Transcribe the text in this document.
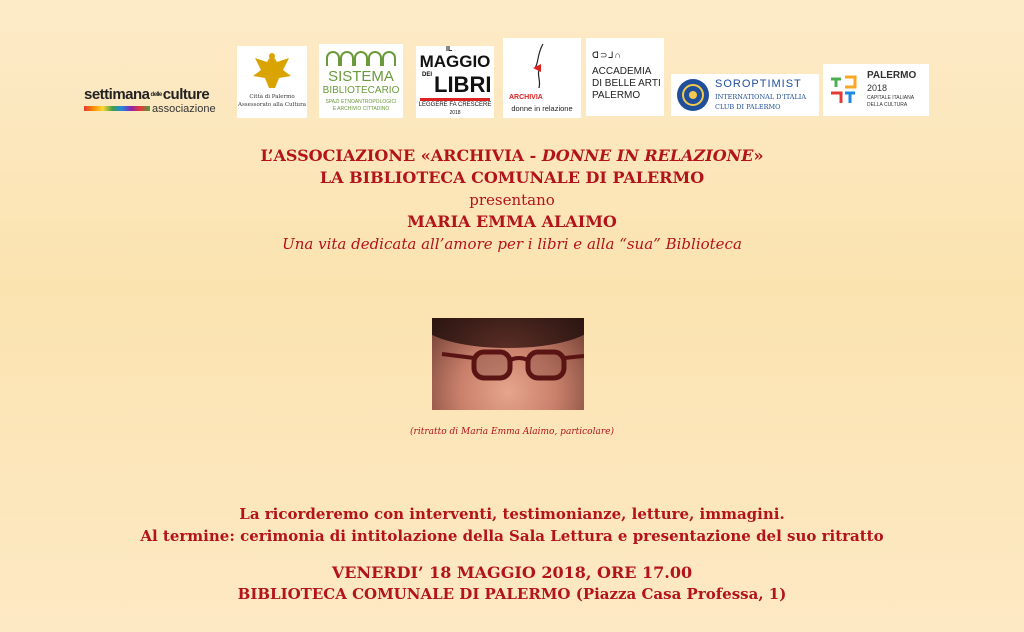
settimanadelleculture
associazione
Città di Palermo
Assessorato alla Cultura
SISTEMA
BIBLIOTECARIO
SPAZI ETNOANTROPOLOGICI
E ARCHIVIO CITTADINO
IL
MAGGIO
DEI LIBRI
LEGGERE FA CRESCERE
2018
ARCHIVIA
donne in relazione
ᗡ⊃⅃∩
ACCADEMIA
DI BELLE ARTI
PALERMO
SOROPTIMIST
INTERNATIONAL D'ITALIA
CLUB DI PALERMO
PALERMO
2018
CAPITALE ITALIANA
DELLA CULTURA
L’ASSOCIAZIONE «ARCHIVIA - DONNE IN RELAZIONE»
LA BIBLIOTECA COMUNALE DI PALERMO
presentano
MARIA EMMA ALAIMO
Una vita dedicata all’amore per i libri e alla “sua” Biblioteca
(ritratto di Maria Emma Alaimo, particolare)
La ricorderemo con interventi, testimonianze, letture, immagini.
Al termine: cerimonia di intitolazione della Sala Lettura e presentazione del suo ritratto
VENERDI’ 18 MAGGIO 2018, ORE 17.00
BIBLIOTECA COMUNALE DI PALERMO (Piazza Casa Professa, 1)
